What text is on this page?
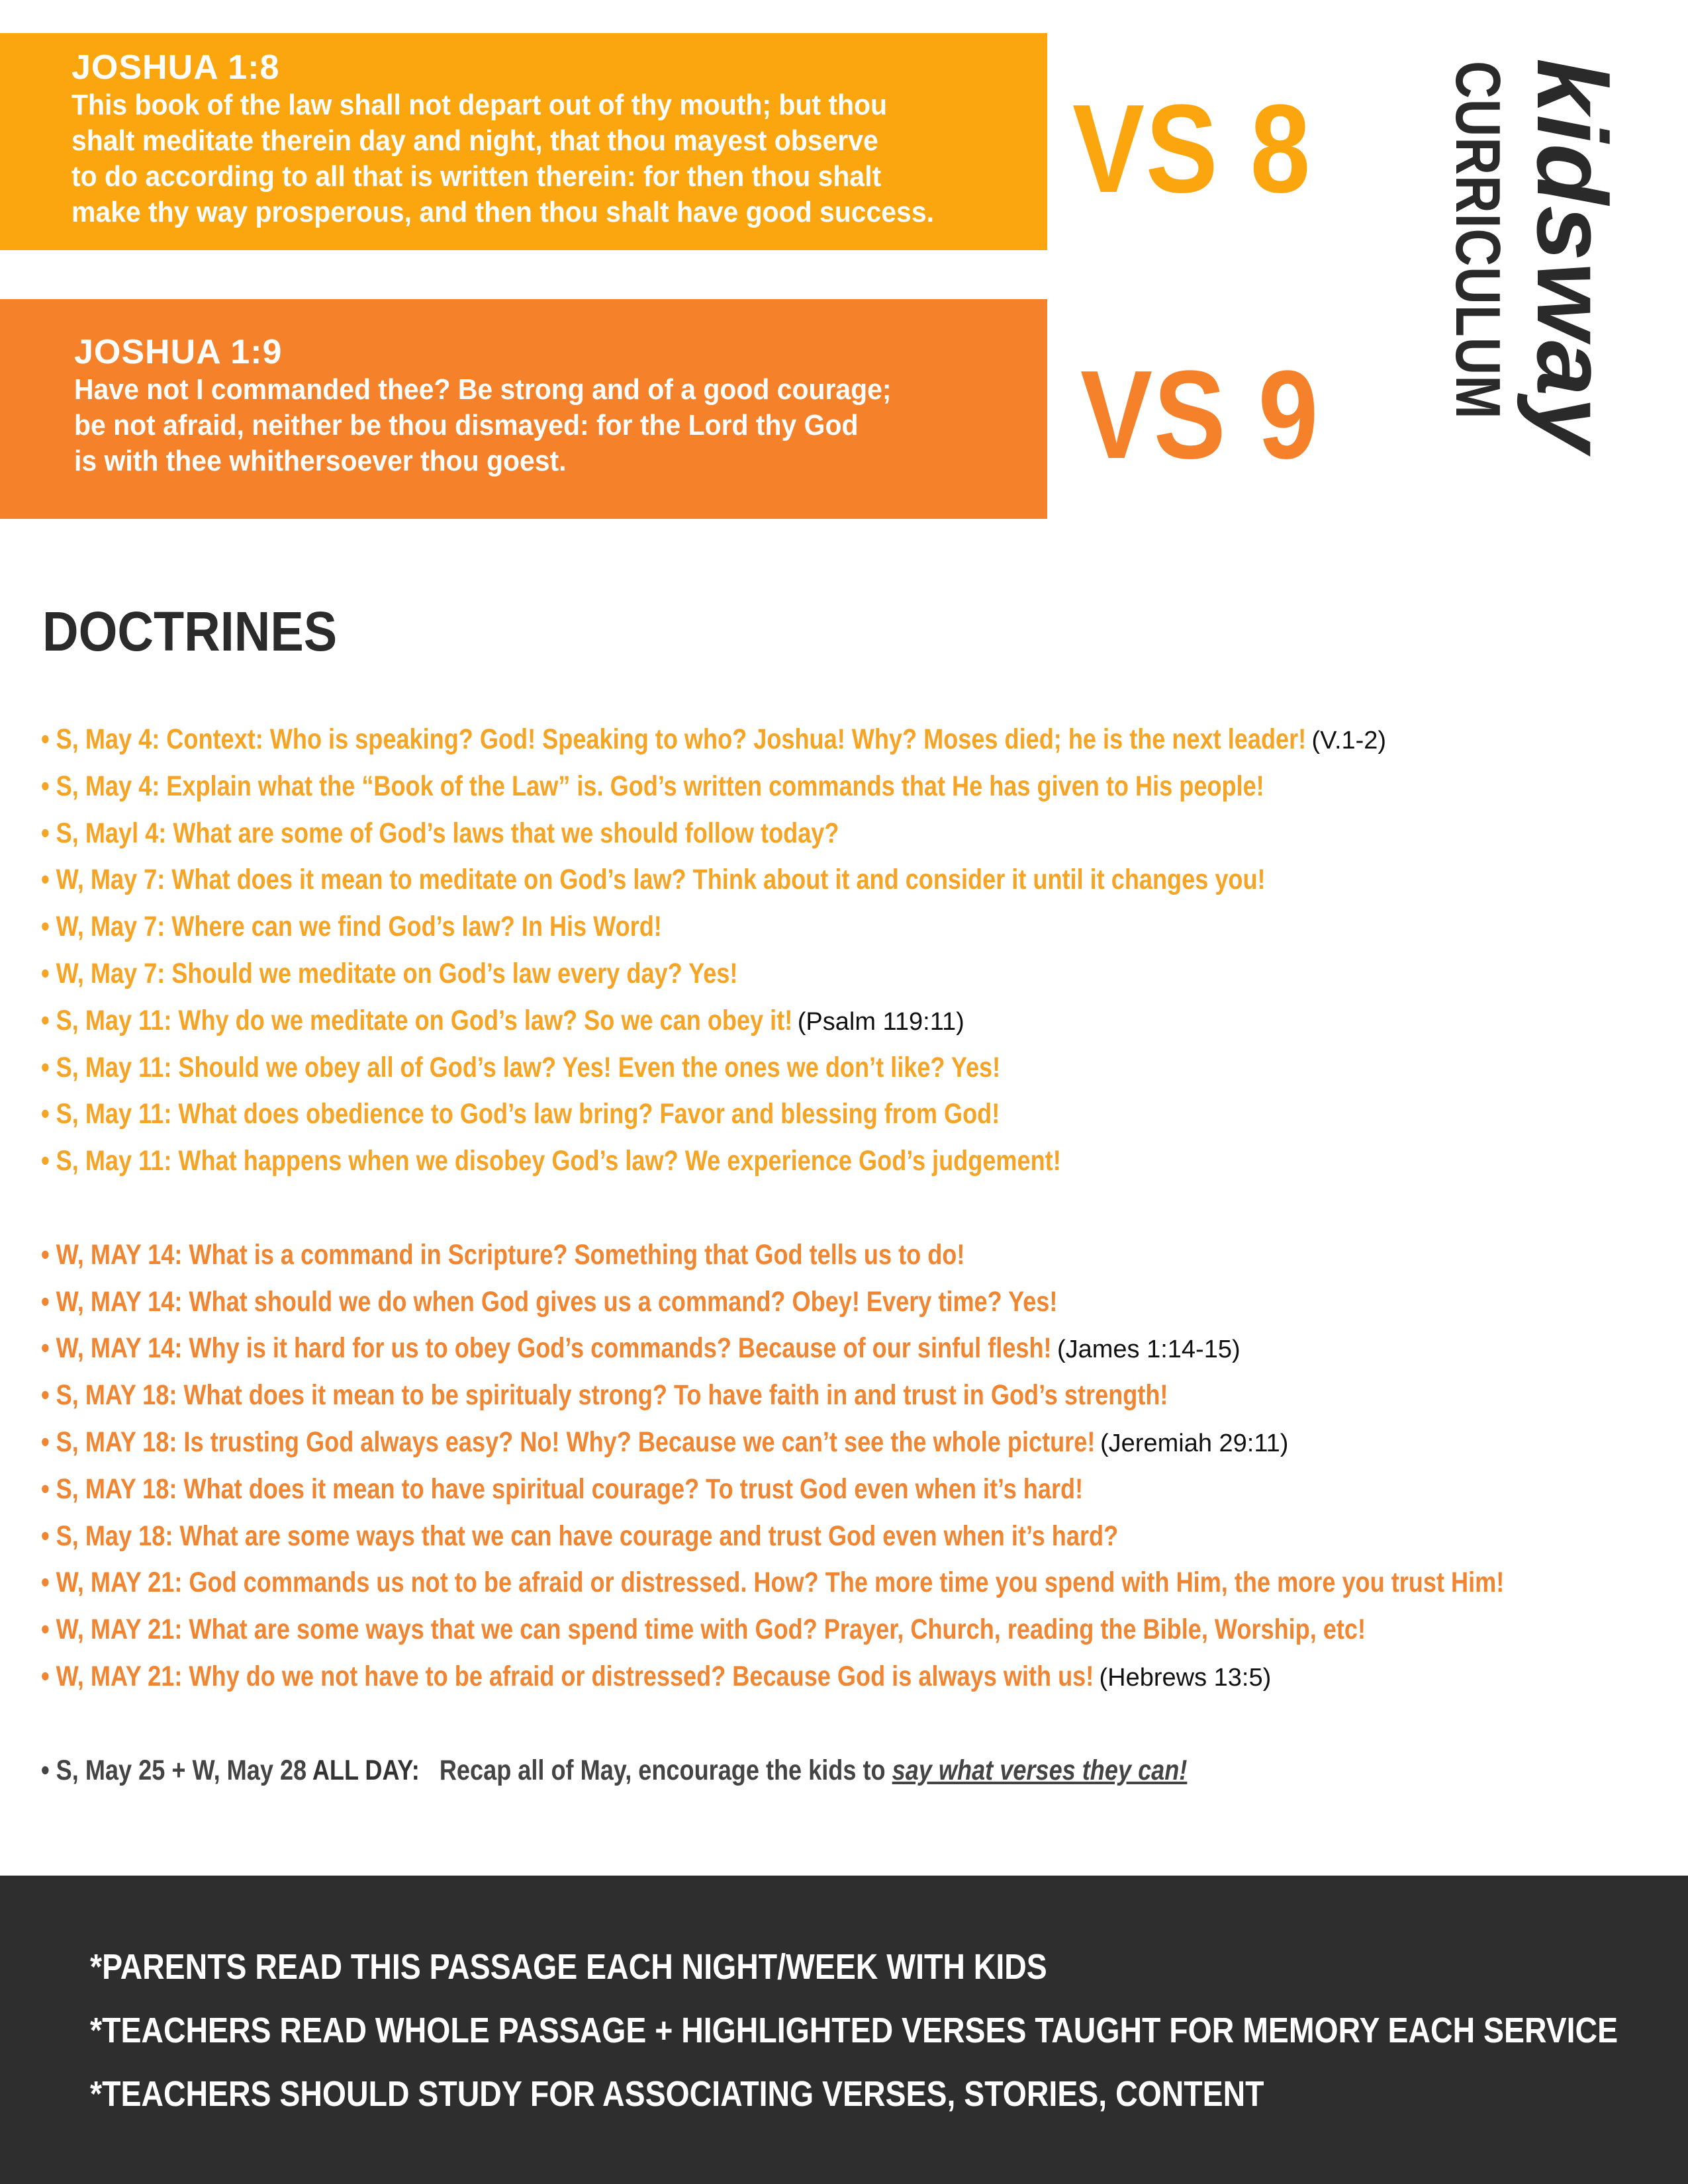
JOSHUA 1:8
This book of the law shall not depart out of thy mouth; but thou
shalt meditate therein day and night, that thou mayest observe
to do according to all that is written therein: for then thou shalt
make thy way prosperous, and then thou shalt have good success.	VS 8
JOSHUA 1:9
Have not I commanded thee? Be strong and of a good courage;
be not afraid, neither be thou dismayed: for the Lord thy God
is with thee whithersoever thou goest.	VS 9 kidsway
CURRICULUM
DOCTRINES
• S, May 4: Context: Who is speaking? God! Speaking to who? Joshua! Why? Moses died; he is the next leader! (V.1-2)
• S, May 4: Explain what the “Book of the Law” is. God’s written commands that He has given to His people!
• S, Mayl 4: What are some of God’s laws that we should follow today?
• W, May 7: What does it mean to meditate on God’s law? Think about it and consider it until it changes you!
• W, May 7: Where can we find God’s law? In His Word!
• W, May 7: Should we meditate on God’s law every day? Yes!
• S, May 11: Why do we meditate on God’s law? So we can obey it! (Psalm 119:11)
• S, May 11: Should we obey all of God’s law? Yes! Even the ones we don’t like? Yes!
• S, May 11: What does obedience to God’s law bring? Favor and blessing from God!
• S, May 11: What happens when we disobey God’s law? We experience God’s judgement!
• W, MAY 14: What is a command in Scripture? Something that God tells us to do!
• W, MAY 14: What should we do when God gives us a command? Obey! Every time? Yes!
• W, MAY 14: Why is it hard for us to obey God’s commands? Because of our sinful flesh! (James 1:14-15)
• S, MAY 18: What does it mean to be spiritualy strong? To have faith in and trust in God’s strength!
• S, MAY 18: Is trusting God always easy? No! Why? Because we can’t see the whole picture! (Jeremiah 29:11)
• S, MAY 18: What does it mean to have spiritual courage? To trust God even when it’s hard!
• S, May 18: What are some ways that we can have courage and trust God even when it’s hard?
• W, MAY 21: God commands us not to be afraid or distressed. How? The more time you spend with Him, the more you trust Him!
• W, MAY 21: What are some ways that we can spend time with God? Prayer, Church, reading the Bible, Worship, etc!
• W, MAY 21: Why do we not have to be afraid or distressed? Because God is always with us! (Hebrews 13:5)
• S, May 25 + W, May 28 ALL DAY: Recap all of May, encourage the kids to say what verses they can!
*PARENTS READ THIS PASSAGE EACH NIGHT/WEEK WITH KIDS
*TEACHERS READ WHOLE PASSAGE + HIGHLIGHTED VERSES TAUGHT FOR MEMORY EACH SERVICE
*TEACHERS SHOULD STUDY FOR ASSOCIATING VERSES, STORIES, CONTENT
